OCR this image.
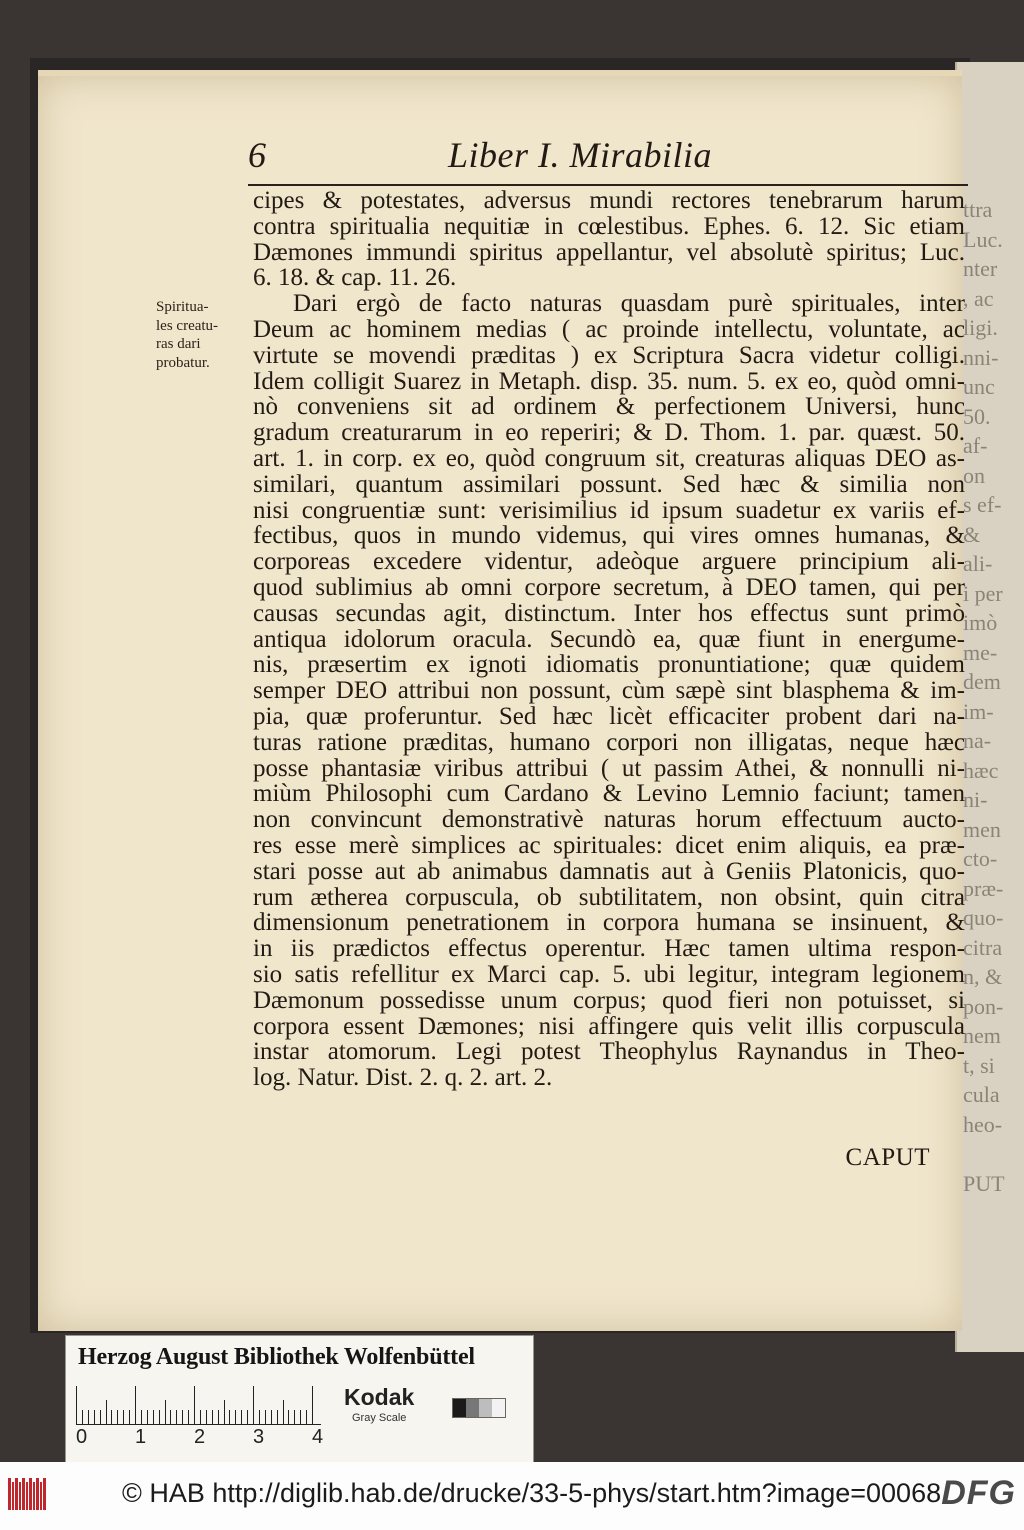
ttra
Luc.
nter
, ac
ligi.
nni-
unc
50.
af-
on
s ef-
&
ali-
i per
imò
me-
dem
im-
na-
hæc
ni-
men
cto-
præ-
quo-
citra
n, &
pon-
nem
t, si
cula
heo-
PUT
6	Liber I. Mirabilia
Spiritua-
les creatu-
ras dari
probatur.
cipes & potestates, adversus mundi rectores tenebrarum harum
contra spiritualia nequitiæ in cœlestibus. Ephes. 6. 12. Sic etiam
Dæmones immundi spiritus appellantur, vel absolutè spiritus; Luc.
6. 18. & cap. 11. 26.
Dari ergò de facto naturas quasdam purè spirituales, inter
Deum ac hominem medias ( ac proinde intellectu, voluntate, ac
virtute se movendi præditas ) ex Scriptura Sacra videtur colligi.
Idem colligit Suarez in Metaph. disp. 35. num. 5. ex eo, quòd omni-
nò conveniens sit ad ordinem & perfectionem Universi, hunc
gradum creaturarum in eo reperiri; & D. Thom. 1. par. quæst. 50.
art. 1. in corp. ex eo, quòd congruum sit, creaturas aliquas DEO as-
similari, quantum assimilari possunt. Sed hæc & similia non
nisi congruentiæ sunt: verisimilius id ipsum suadetur ex variis ef-
fectibus, quos in mundo videmus, qui vires omnes humanas, &
corporeas excedere videntur, adeòque arguere principium ali-
quod sublimius ab omni corpore secretum, à DEO tamen, qui per
causas secundas agit, distinctum. Inter hos effectus sunt primò
antiqua idolorum oracula. Secundò ea, quæ fiunt in energume-
nis, præsertim ex ignoti idiomatis pronuntiatione; quæ quidem
semper DEO attribui non possunt, cùm sæpè sint blasphema & im-
pia, quæ proferuntur. Sed hæc licèt efficaciter probent dari na-
turas ratione præditas, humano corpori non illigatas, neque hæc
posse phantasiæ viribus attribui ( ut passim Athei, & nonnulli ni-
miùm Philosophi cum Cardano & Levino Lemnio faciunt; tamen
non convincunt demonstrativè naturas horum effectuum aucto-
res esse merè simplices ac spirituales: dicet enim aliquis, ea præ-
stari posse aut ab animabus damnatis aut à Geniis Platonicis, quo-
rum ætherea corpuscula, ob subtilitatem, non obsint, quin citra
dimensionum penetrationem in corpora humana se insinuent, &
in iis prædictos effectus operentur. Hæc tamen ultima respon-
sio satis refellitur ex Marci cap. 5. ubi legitur, integram legionem
Dæmonum possedisse unum corpus; quod fieri non potuisset, si
corpora essent Dæmones; nisi affingere quis velit illis corpuscula
instar atomorum. Legi potest Theophylus Raynandus in Theo-
log. Natur. Dist. 2. q. 2. art. 2.
CAPUT
Herzog August Bibliothek Wolfenbüttel
0 1 2 3 4
Kodak
Gray Scale
© HAB http://diglib.hab.de/drucke/33-5-phys/start.htm?image=00068 DFG
